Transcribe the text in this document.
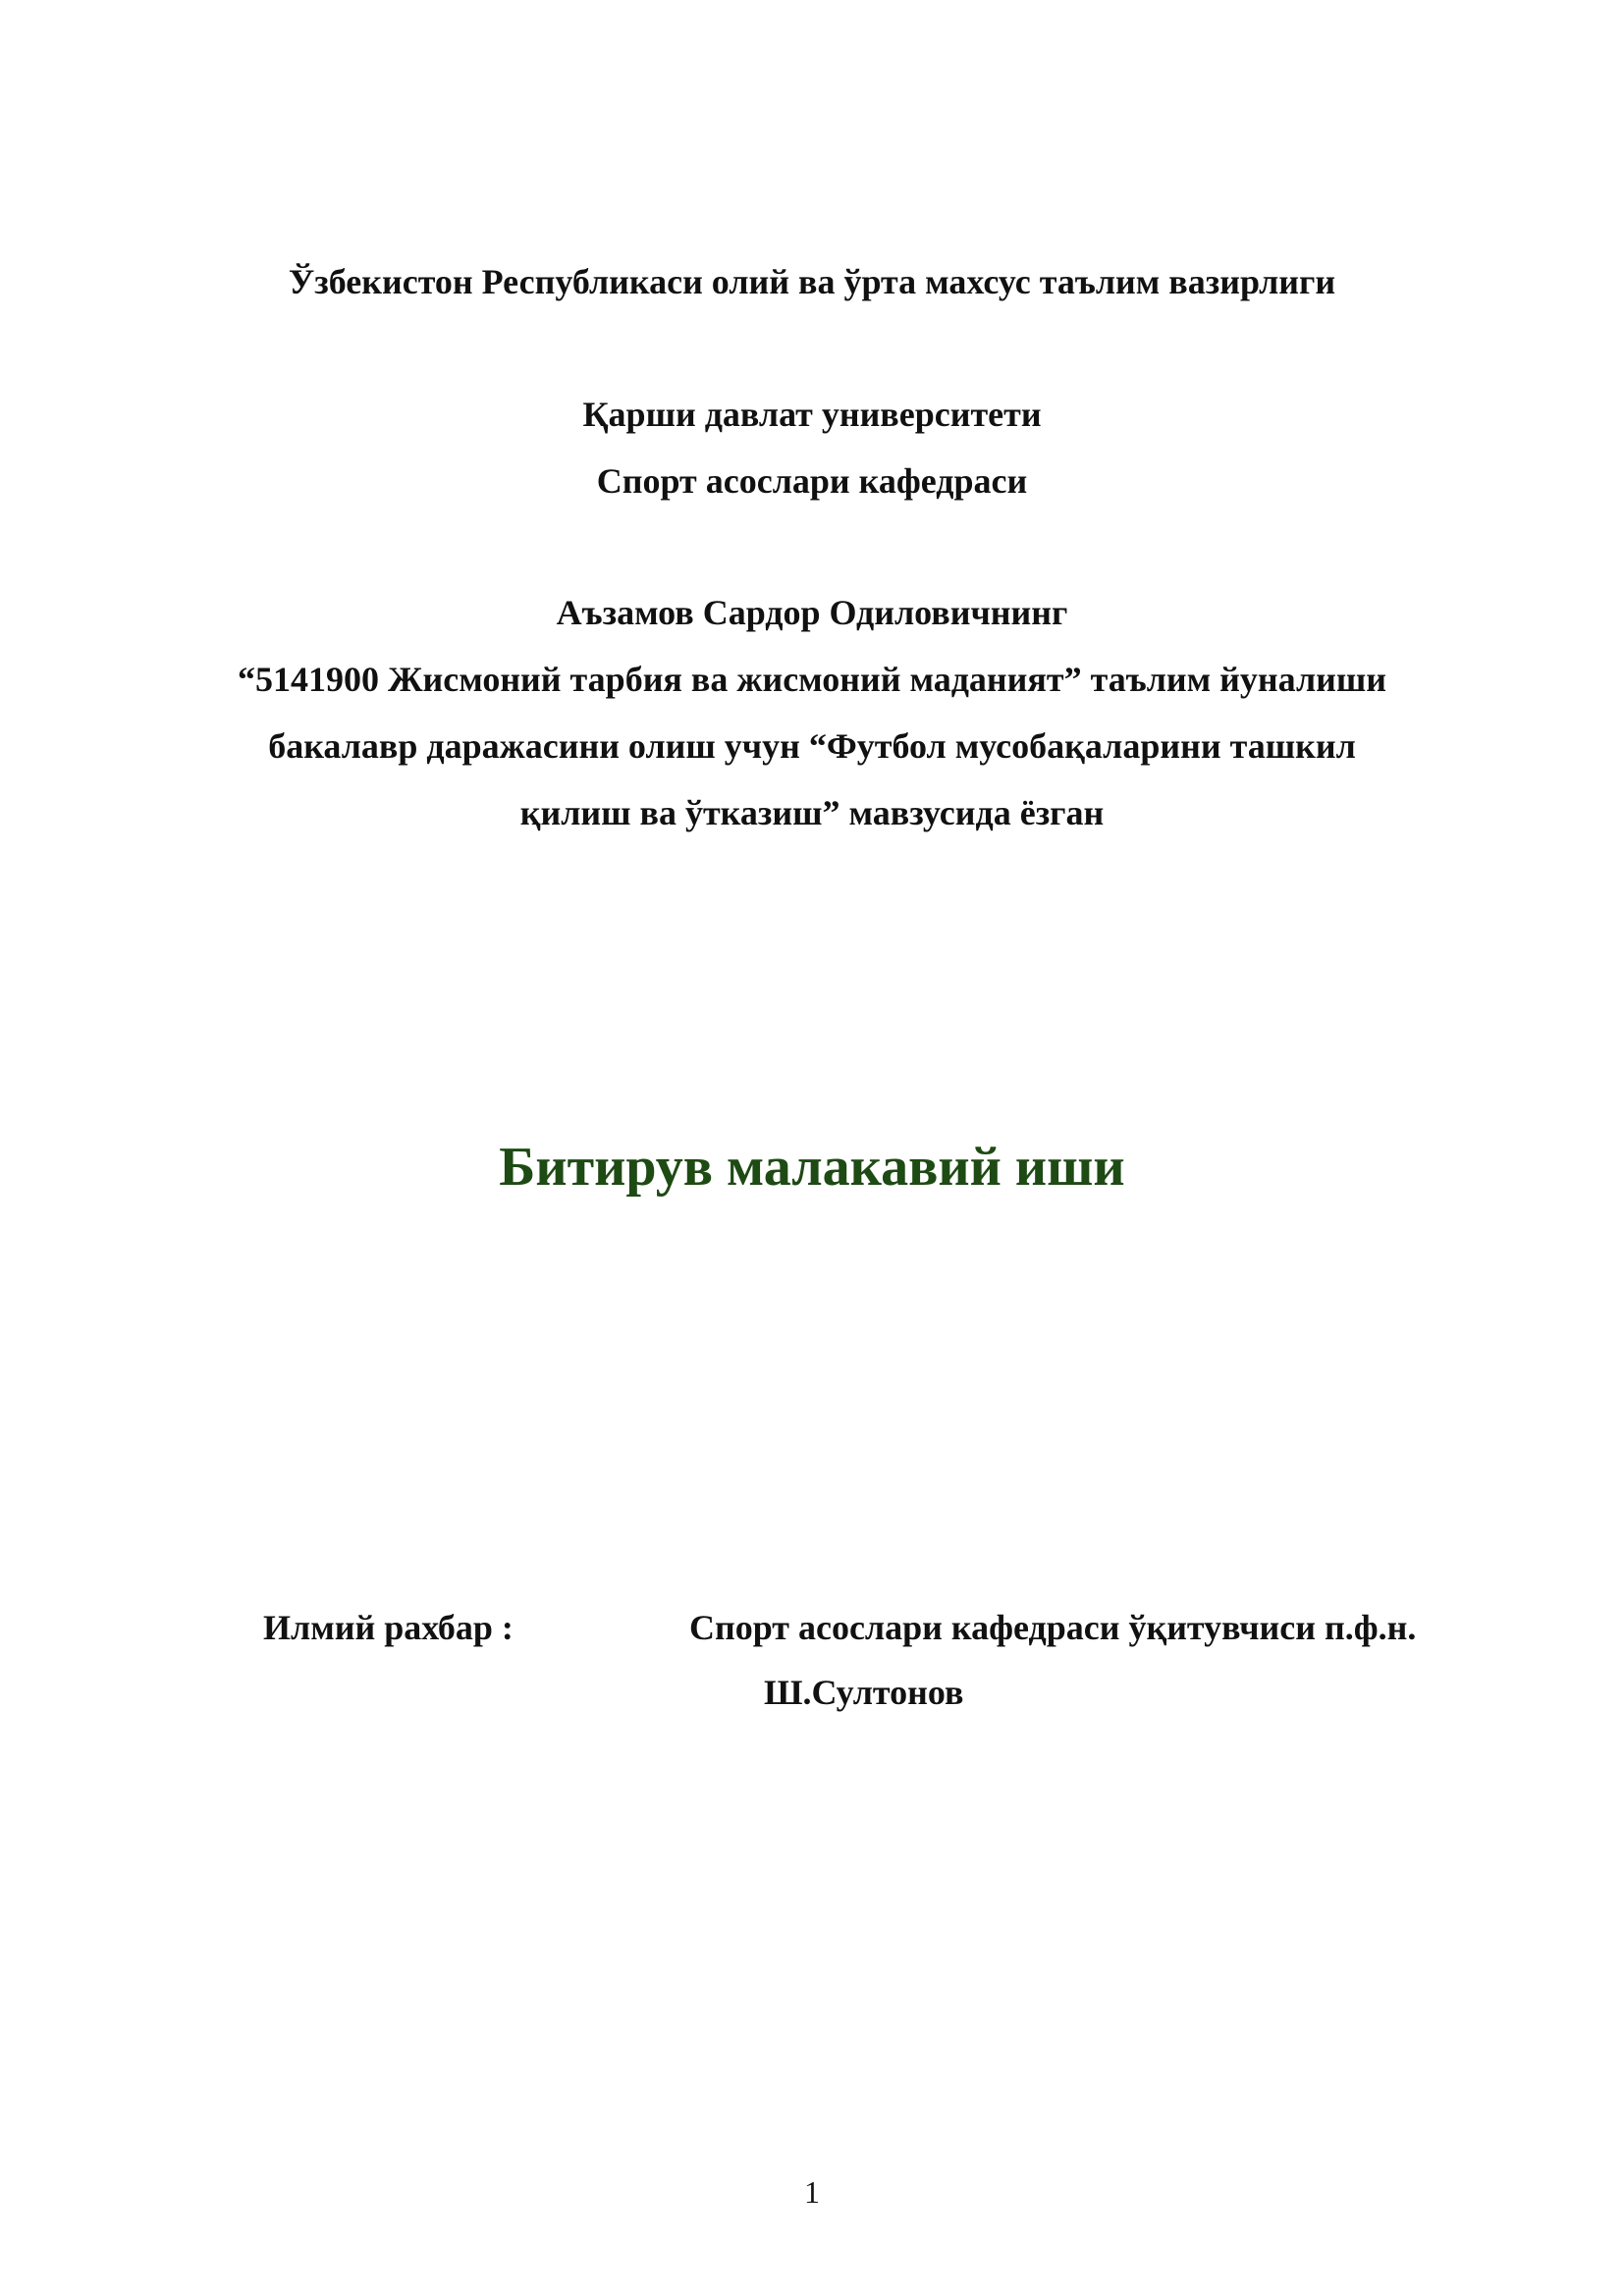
Ўзбекистон Республикаси олий ва ўрта махсус таълим вазирлиги
Қарши давлат университети
Спорт асослари кафедраси
Аъзамов Сардор Одиловичнинг
“5141900 Жисмоний тарбия ва жисмоний маданият” таълим йуналиши
бакалавр даражасини олиш учун “Футбол мусобақаларини ташкил
қилиш ва ўтказиш” мавзусида ёзган
Битирув малакавий иши
Илмий рахбар :	Спорт асослари кафедраси ўқитувчиси п.ф.н.
Ш.Султонов
1
